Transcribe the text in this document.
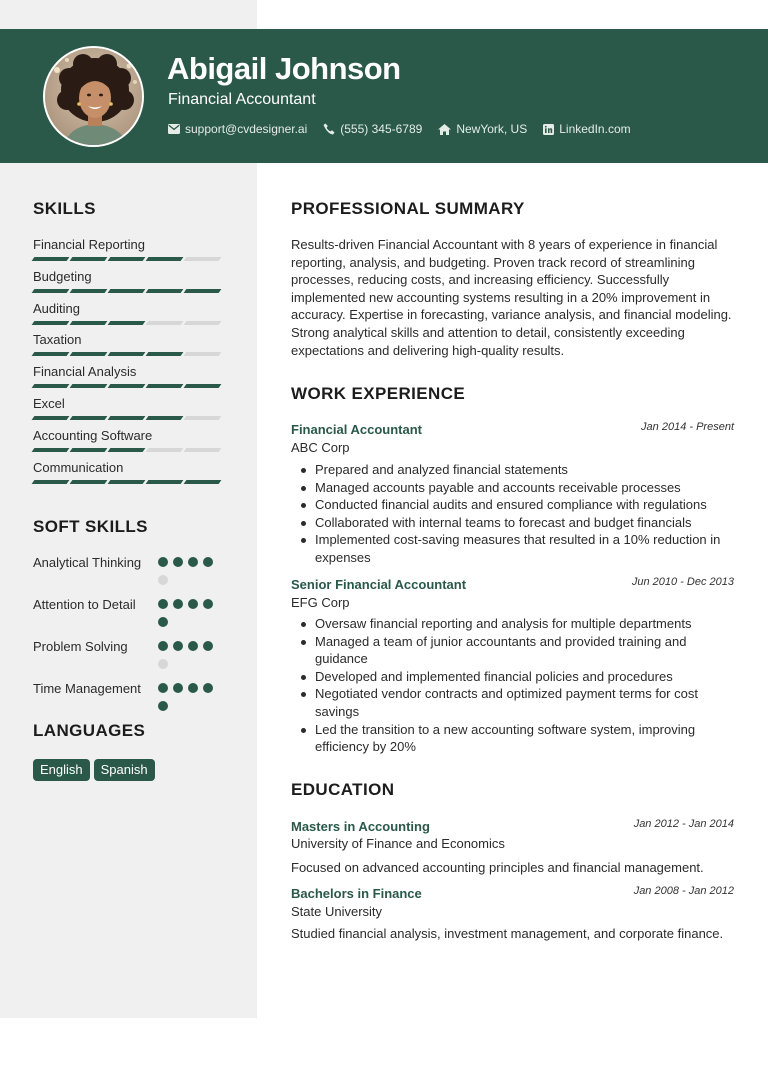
Abigail Johnson
Financial Accountant
support@cvdesigner.ai	(555) 345-6789	NewYork, US	LinkedIn.com
SKILLS
Financial Reporting
Budgeting
Auditing
Taxation
Financial Analysis
Excel
Accounting Software
Communication
SOFT SKILLS
Analytical Thinking
Attention to Detail
Problem Solving
Time Management
LANGUAGES
English	Spanish
PROFESSIONAL SUMMARY
Results-driven Financial Accountant with 8 years of experience in financial reporting, analysis, and budgeting. Proven track record of streamlining processes, reducing costs, and increasing efficiency. Successfully implemented new accounting systems resulting in a 20% improvement in accuracy. Expertise in forecasting, variance analysis, and financial modeling. Strong analytical skills and attention to detail, consistently exceeding expectations and delivering high-quality results.
WORK EXPERIENCE
Financial Accountant	Jan 2014 - Present
ABC Corp
Prepared and analyzed financial statements
Managed accounts payable and accounts receivable processes
Conducted financial audits and ensured compliance with regulations
Collaborated with internal teams to forecast and budget financials
Implemented cost-saving measures that resulted in a 10% reduction in expenses
Senior Financial Accountant	Jun 2010 - Dec 2013
EFG Corp
Oversaw financial reporting and analysis for multiple departments
Managed a team of junior accountants and provided training and guidance
Developed and implemented financial policies and procedures
Negotiated vendor contracts and optimized payment terms for cost savings
Led the transition to a new accounting software system, improving efficiency by 20%
EDUCATION
Masters in Accounting	Jan 2012 - Jan 2014
University of Finance and Economics
Focused on advanced accounting principles and financial management.
Bachelors in Finance	Jan 2008 - Jan 2012
State University
Studied financial analysis, investment management, and corporate finance.
